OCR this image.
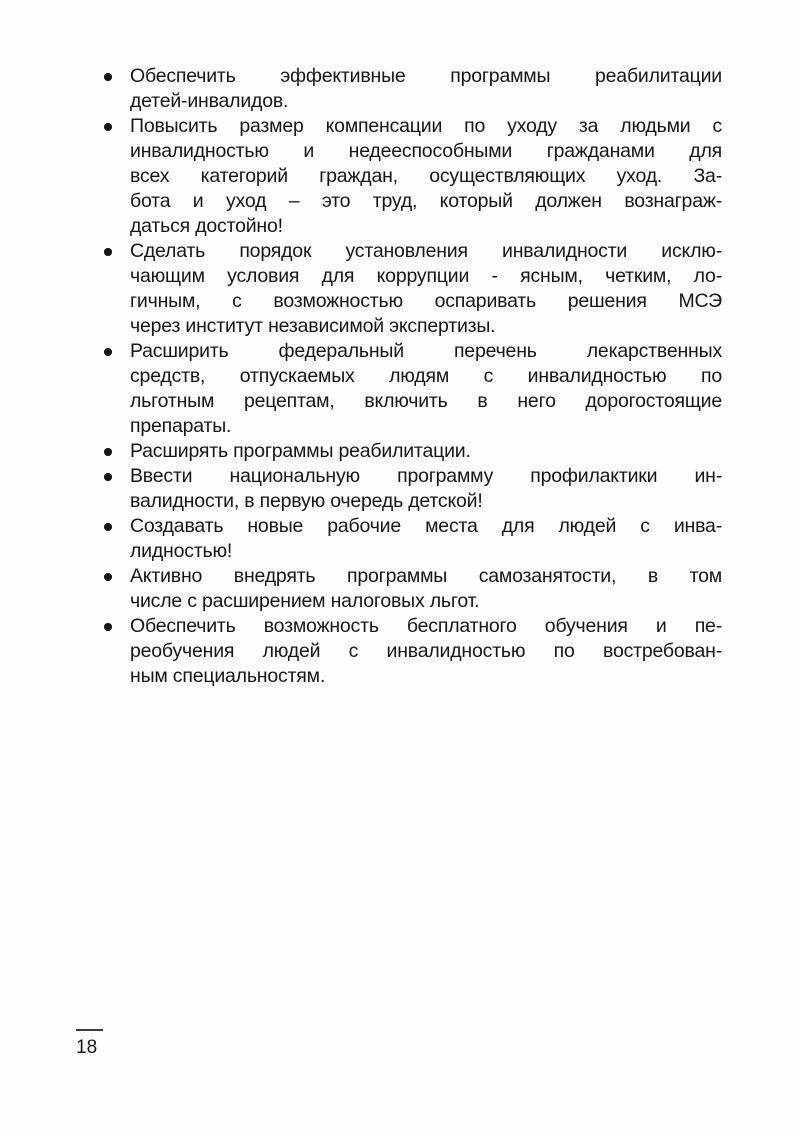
Обеспечить эффективные программы реабилитации
детей-инвалидов.
Повысить размер компенсации по уходу за людьми с
инвалидностью и недееспособными гражданами для
всех категорий граждан, осуществляющих уход. За-
бота и уход – это труд, который должен вознаграж-
даться достойно!
Сделать порядок установления инвалидности исклю-
чающим условия для коррупции - ясным, четким, ло-
гичным, с возможностью оспаривать решения МСЭ
через институт независимой экспертизы.
Расширить федеральный перечень лекарственных
средств, отпускаемых людям с инвалидностью по
льготным рецептам, включить в него дорогостоящие
препараты.
Расширять программы реабилитации.
Ввести национальную программу профилактики ин-
валидности, в первую очередь детской!
Создавать новые рабочие места для людей с инва-
лидностью!
Активно внедрять программы самозанятости, в том
числе с расширением налоговых льгот.
Обеспечить возможность бесплатного обучения и пе-
реобучения людей с инвалидностью по востребован-
ным специальностям.
18
